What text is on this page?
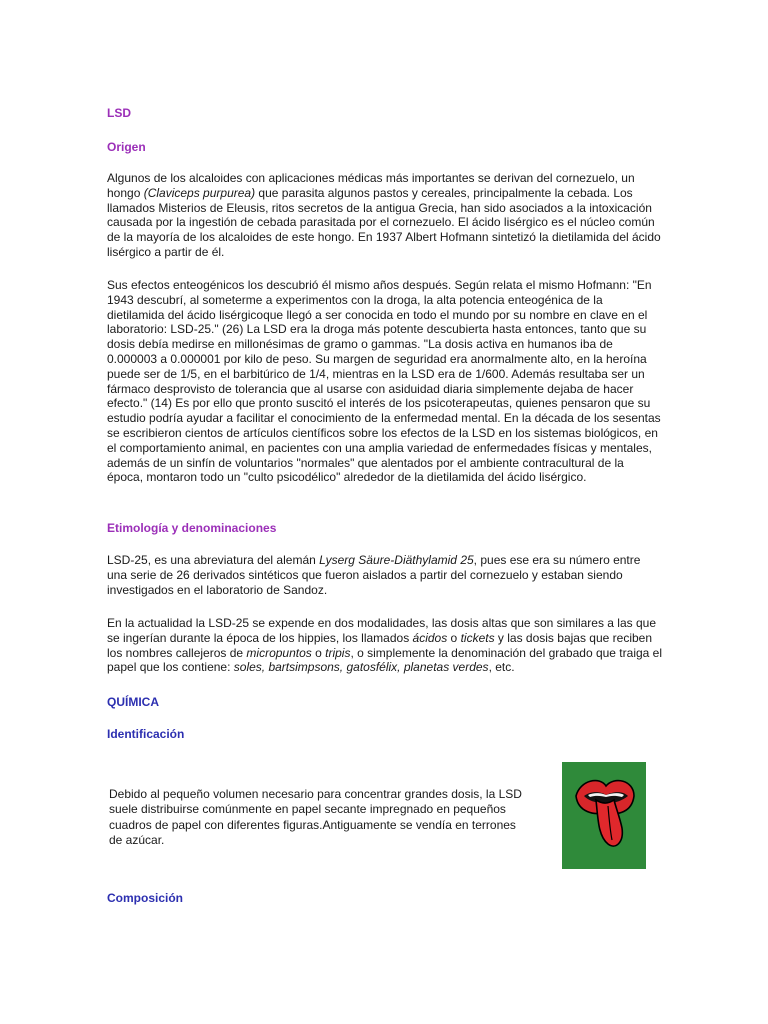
LSD
Origen
Algunos de los alcaloides con aplicaciones médicas más importantes se derivan del cornezuelo, un hongo (Claviceps purpurea) que parasita algunos pastos y cereales, principalmente la cebada. Los llamados Misterios de Eleusis, ritos secretos de la antigua Grecia, han sido asociados a la intoxicación causada por la ingestión de cebada parasitada por el cornezuelo. El ácido lisérgico es el núcleo común de la mayoría de los alcaloides de este hongo. En 1937 Albert Hofmann sintetizó la dietilamida del ácido lisérgico a partir de él.
Sus efectos enteogénicos los descubrió él mismo años después. Según relata el mismo Hofmann: "En 1943 descubrí, al someterme a experimentos con la droga, la alta potencia enteogénica de la dietilamida del ácido lisérgicoque llegó a ser conocida en todo el mundo por su nombre en clave en el laboratorio: LSD-25." (26) La LSD era la droga más potente descubierta hasta entonces, tanto que su dosis debía medirse en millonésimas de gramo o gammas. "La dosis activa en humanos iba de 0.000003 a 0.000001 por kilo de peso. Su margen de seguridad era anormalmente alto, en la heroína puede ser de 1/5, en el barbitúrico de 1/4, mientras en la LSD era de 1/600. Además resultaba ser un fármaco desprovisto de tolerancia que al usarse con asiduidad diaria simplemente dejaba de hacer efecto." (14) Es por ello que pronto suscitó el interés de los psicoterapeutas, quienes pensaron que su estudio podría ayudar a facilitar el conocimiento de la enfermedad mental. En la década de los sesentas se escribieron cientos de artículos científicos sobre los efectos de la LSD en los sistemas biológicos, en el comportamiento animal, en pacientes con una amplia variedad de enfermedades físicas y mentales, además de un sinfín de voluntarios "normales" que alentados por el ambiente contracultural de la época, montaron todo un "culto psicodélico" alrededor de la dietilamida del ácido lisérgico.
Etimología y denominaciones
LSD-25, es una abreviatura del alemán Lyserg Säure-Diäthylamid 25, pues ese era su número entre una serie de 26 derivados sintéticos que fueron aislados a partir del cornezuelo y estaban siendo investigados en el laboratorio de Sandoz.
En la actualidad la LSD-25 se expende en dos modalidades, las dosis altas que son similares a las que se ingerían durante la época de los hippies, los llamados ácidos o tickets y las dosis bajas que reciben los nombres callejeros de micropuntos o tripis, o simplemente la denominación del grabado que traiga el papel que los contiene: soles, bartsimpsons, gatosfélix, planetas verdes, etc.
QUÍMICA
Identificación
Debido al pequeño volumen necesario para concentrar grandes dosis, la LSD suele distribuirse comúnmente en papel secante impregnado en pequeños cuadros de papel con diferentes figuras.Antiguamente se vendía en terrones de azúcar.
Composición
